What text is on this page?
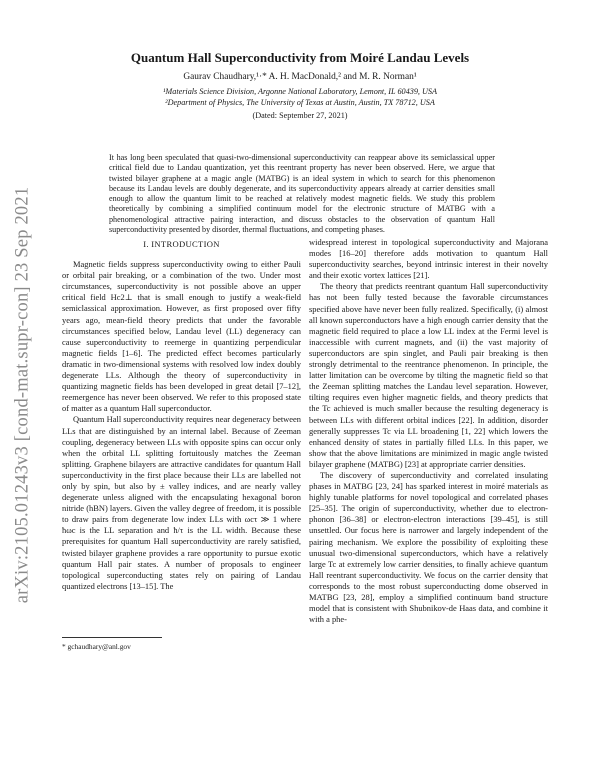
arXiv:2105.01243v3 [cond-mat.supr-con] 23 Sep 2021
Quantum Hall Superconductivity from Moiré Landau Levels
Gaurav Chaudhary,¹·* A. H. MacDonald,² and M. R. Norman¹
¹Materials Science Division, Argonne National Laboratory, Lemont, IL 60439, USA
²Department of Physics, The University of Texas at Austin, Austin, TX 78712, USA
(Dated: September 27, 2021)
It has long been speculated that quasi-two-dimensional superconductivity can reappear above its semiclassical upper critical field due to Landau quantization, yet this reentrant property has never been observed. Here, we argue that twisted bilayer graphene at a magic angle (MATBG) is an ideal system in which to search for this phenomenon because its Landau levels are doubly degenerate, and its superconductivity appears already at carrier densities small enough to allow the quantum limit to be reached at relatively modest magnetic fields. We study this problem theoretically by combining a simplified continuum model for the electronic structure of MATBG with a phenomenological attractive pairing interaction, and discuss obstacles to the observation of quantum Hall superconductivity presented by disorder, thermal fluctuations, and competing phases.
I. INTRODUCTION

Magnetic fields suppress superconductivity owing to either Pauli or orbital pair breaking, or a combination of the two. Under most circumstances, superconductivity is not possible above an upper critical field Hc2⊥ that is small enough to justify a weak-field semiclassical approximation. However, as first proposed over fifty years ago, mean-field theory predicts that under the favorable circumstances specified below, Landau level (LL) degeneracy can cause superconductivity to reemerge in quantizing perpendicular magnetic fields [1–6]. The predicted effect becomes particularly dramatic in two-dimensional systems with resolved low index doubly degenerate LLs. Although the theory of superconductivity in quantizing magnetic fields has been developed in great detail [7–12], reemergence has never been observed. We refer to this proposed state of matter as a quantum Hall superconductor.

Quantum Hall superconductivity requires near degeneracy between LLs that are distinguished by an internal label. Because of Zeeman coupling, degeneracy between LLs with opposite spins can occur only when the orbital LL splitting fortuitously matches the Zeeman splitting. Graphene bilayers are attractive candidates for quantum Hall superconductivity in the first place because their LLs are labelled not only by spin, but also by ± valley indices, and are nearly valley degenerate unless aligned with the encapsulating hexagonal boron nitride (hBN) layers. Given the valley degree of freedom, it is possible to draw pairs from degenerate low index LLs with ωcτ ≫ 1 where ħωc is the LL separation and ħ/τ is the LL width. Because these prerequisites for quantum Hall superconductivity are rarely satisfied, twisted bilayer graphene provides a rare opportunity to pursue exotic quantum Hall pair states. A number of proposals to engineer topological superconducting states rely on pairing of Landau quantized electrons [13–15]. The

widespread interest in topological superconductivity and Majorana modes [16–20] therefore adds motivation to quantum Hall superconductivity searches, beyond intrinsic interest in their novelty and their exotic vortex lattices [21].

The theory that predicts reentrant quantum Hall superconductivity has not been fully tested because the favorable circumstances specified above have never been fully realized. Specifically, (i) almost all known superconductors have a high enough carrier density that the magnetic field required to place a low LL index at the Fermi level is inaccessible with current magnets, and (ii) the vast majority of superconductors are spin singlet, and Pauli pair breaking is then strongly detrimental to the reentrance phenomenon. In principle, the latter limitation can be overcome by tilting the magnetic field so that the Zeeman splitting matches the Landau level separation. However, tilting requires even higher magnetic fields, and theory predicts that the Tc achieved is much smaller because the resulting degeneracy is between LLs with different orbital indices [22]. In addition, disorder generally suppresses Tc via LL broadening [1, 22] which lowers the enhanced density of states in partially filled LLs. In this paper, we show that the above limitations are minimized in magic angle twisted bilayer graphene (MATBG) [23] at appropriate carrier densities.

The discovery of superconductivity and correlated insulating phases in MATBG [23, 24] has sparked interest in moiré materials as highly tunable platforms for novel topological and correlated phases [25–35]. The origin of superconductivity, whether due to electron-phonon [36–38] or electron-electron interactions [39–45], is still unsettled. Our focus here is narrower and largely independent of the pairing mechanism. We explore the possibility of exploiting these unusual two-dimensional superconductors, which have a relatively large Tc at extremely low carrier densities, to finally achieve quantum Hall reentrant superconductivity. We focus on the carrier density that corresponds to the most robust superconducting dome observed in MATBG [23, 28], employ a simplified continuum band structure model that is consistent with Shubnikov-de Haas data, and combine it with a phe-

* gchaudhary@anl.gov
